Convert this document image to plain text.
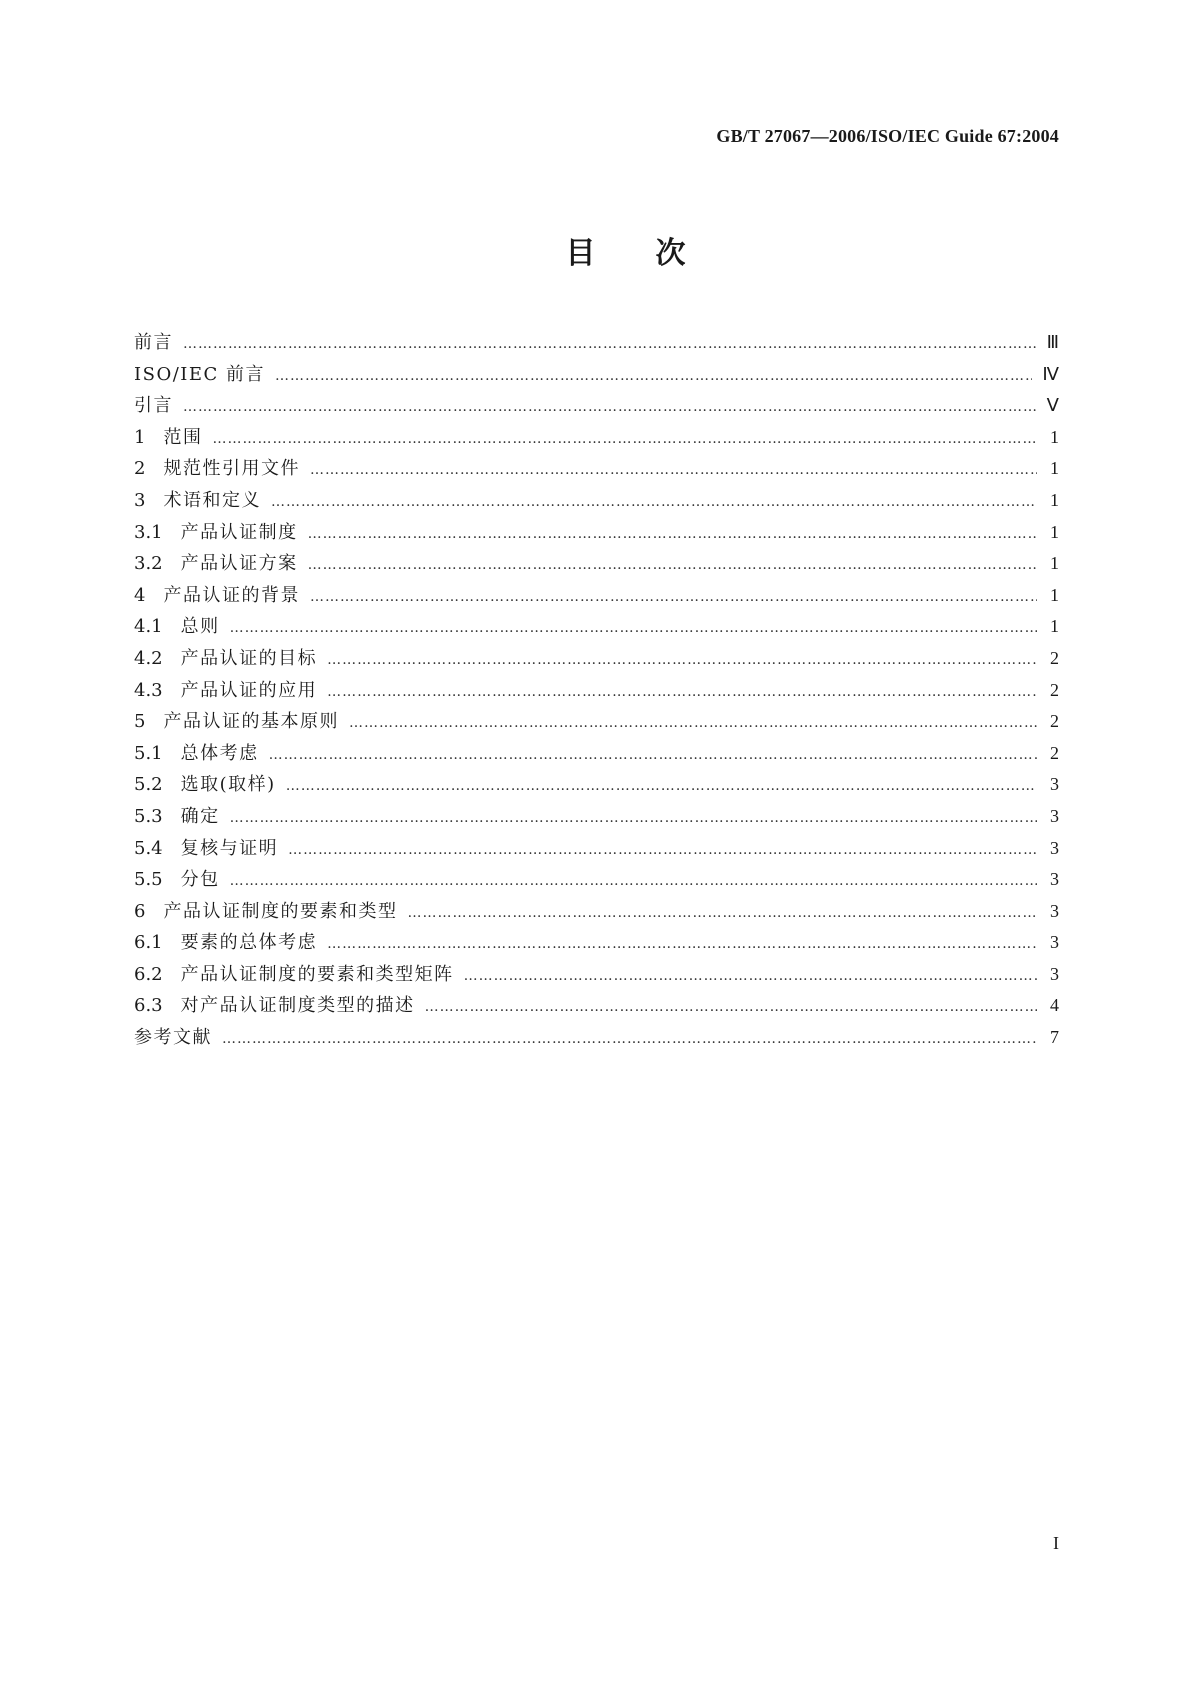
GB/T 27067—2006/ISO/IEC Guide 67:2004
目次
前言 …………………………………………………………………………………………………………………………………………………………………………………………………………………	Ⅲ
ISO/IEC 前言 …………………………………………………………………………………………………………………………………………………………………………………………………………………	Ⅳ
引言 …………………………………………………………………………………………………………………………………………………………………………………………………………………	Ⅴ
1 范围 …………………………………………………………………………………………………………………………………………………………………………………………………………………	1
2 规范性引用文件 …………………………………………………………………………………………………………………………………………………………………………………………………………………	1
3 术语和定义 …………………………………………………………………………………………………………………………………………………………………………………………………………………	1
3.1 产品认证制度 …………………………………………………………………………………………………………………………………………………………………………………………………………………	1
3.2 产品认证方案 …………………………………………………………………………………………………………………………………………………………………………………………………………………	1
4 产品认证的背景 …………………………………………………………………………………………………………………………………………………………………………………………………………………	1
4.1 总则 …………………………………………………………………………………………………………………………………………………………………………………………………………………	1
4.2 产品认证的目标 …………………………………………………………………………………………………………………………………………………………………………………………………………………	2
4.3 产品认证的应用 …………………………………………………………………………………………………………………………………………………………………………………………………………………	2
5 产品认证的基本原则 …………………………………………………………………………………………………………………………………………………………………………………………………………………	2
5.1 总体考虑 …………………………………………………………………………………………………………………………………………………………………………………………………………………	2
5.2 选取(取样) …………………………………………………………………………………………………………………………………………………………………………………………………………………	3
5.3 确定 …………………………………………………………………………………………………………………………………………………………………………………………………………………	3
5.4 复核与证明 …………………………………………………………………………………………………………………………………………………………………………………………………………………	3
5.5 分包 …………………………………………………………………………………………………………………………………………………………………………………………………………………	3
6 产品认证制度的要素和类型 …………………………………………………………………………………………………………………………………………………………………………………………………………………	3
6.1 要素的总体考虑 …………………………………………………………………………………………………………………………………………………………………………………………………………………	3
6.2 产品认证制度的要素和类型矩阵 …………………………………………………………………………………………………………………………………………………………………………………………………………………	3
6.3 对产品认证制度类型的描述 …………………………………………………………………………………………………………………………………………………………………………………………………………………	4
参考文献 …………………………………………………………………………………………………………………………………………………………………………………………………………………	7
I
